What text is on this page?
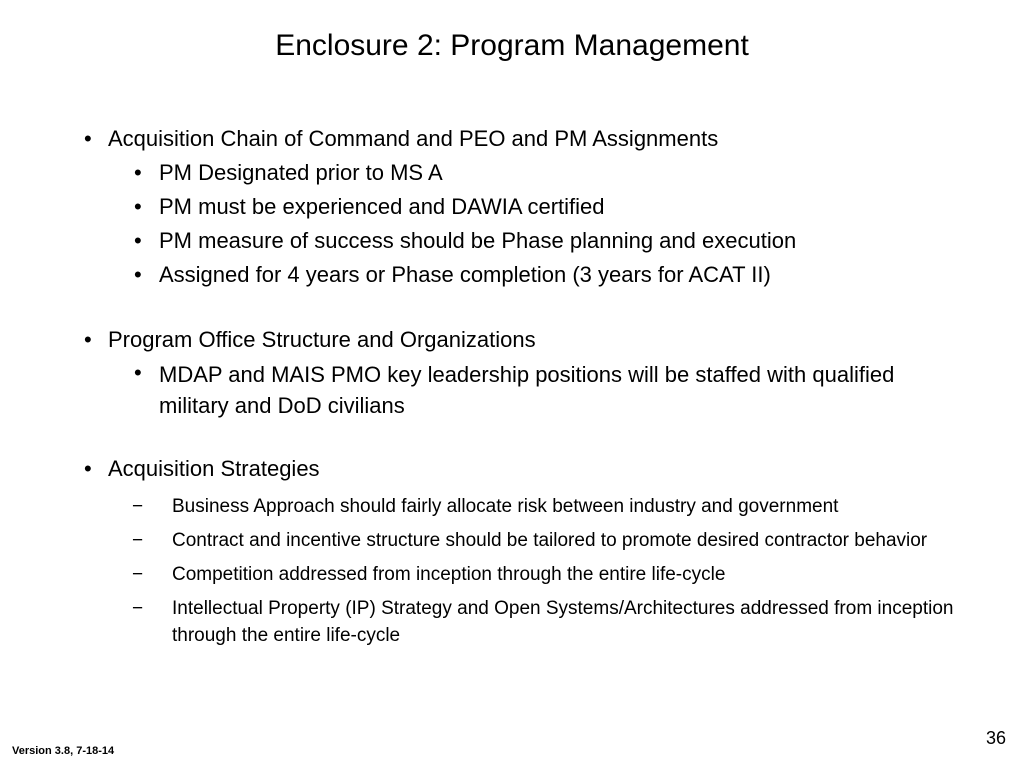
Enclosure 2: Program Management
• Acquisition Chain of Command and PEO and PM Assignments
• PM Designated prior to MS A
• PM must be experienced and DAWIA certified
• PM measure of success should be Phase planning and execution
• Assigned for 4 years or Phase completion (3 years for ACAT II)
• Program Office Structure and Organizations
• MDAP and MAIS PMO key leadership positions will be staffed with qualified military and DoD civilians
• Acquisition Strategies
− Business Approach should fairly allocate risk between industry and government
− Contract and incentive structure should be tailored to promote desired contractor behavior
− Competition addressed from inception through the entire life-cycle
− Intellectual Property (IP) Strategy and Open Systems/Architectures addressed from inception through the entire life-cycle
Version 3.8, 7-18-14
36
